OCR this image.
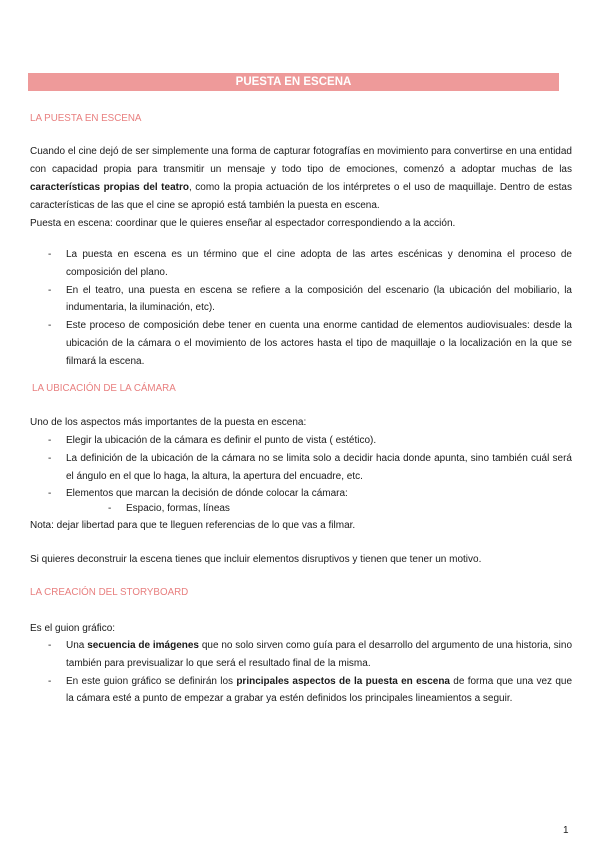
PUESTA EN ESCENA
LA PUESTA EN ESCENA
Cuando el cine dejó de ser simplemente una forma de capturar fotografías en movimiento para convertirse en una entidad con capacidad propia para transmitir un mensaje y todo tipo de emociones, comenzó a adoptar muchas de las características propias del teatro, como la propia actuación de los intérpretes o el uso de maquillaje. Dentro de estas características de las que el cine se apropió está también la puesta en escena.
Puesta en escena: coordinar que le quieres enseñar al espectador correspondiendo a la acción.
- La puesta en escena es un término que el cine adopta de las artes escénicas y denomina el proceso de composición del plano.
- En el teatro, una puesta en escena se refiere a la composición del escenario (la ubicación del mobiliario, la indumentaria, la iluminación, etc).
- Este proceso de composición debe tener en cuenta una enorme cantidad de elementos audiovisuales: desde la ubicación de la cámara o el movimiento de los actores hasta el tipo de maquillaje o la localización en la que se filmará la escena.
LA UBICACIÓN DE LA CÁMARA
Uno de los aspectos más importantes de la puesta en escena:
- Elegir la ubicación de la cámara es definir el punto de vista ( estético).
- La definición de la ubicación de la cámara no se limita solo a decidir hacia donde apunta, sino también cuál será el ángulo en el que lo haga, la altura, la apertura del encuadre, etc.
- Elementos que marcan la decisión de dónde colocar la cámara:
- Espacio, formas, líneas
Nota: dejar libertad para que te lleguen referencias de lo que vas a filmar.
Si quieres deconstruir la escena tienes que incluir elementos disruptivos y tienen que tener un motivo.
LA CREACIÓN DEL STORYBOARD
Es el guion gráfico:
- Una secuencia de imágenes que no solo sirven como guía para el desarrollo del argumento de una historia, sino también para previsualizar lo que será el resultado final de la misma.
- En este guion gráfico se definirán los principales aspectos de la puesta en escena de forma que una vez que la cámara esté a punto de empezar a grabar ya estén definidos los principales lineamientos a seguir.
1
